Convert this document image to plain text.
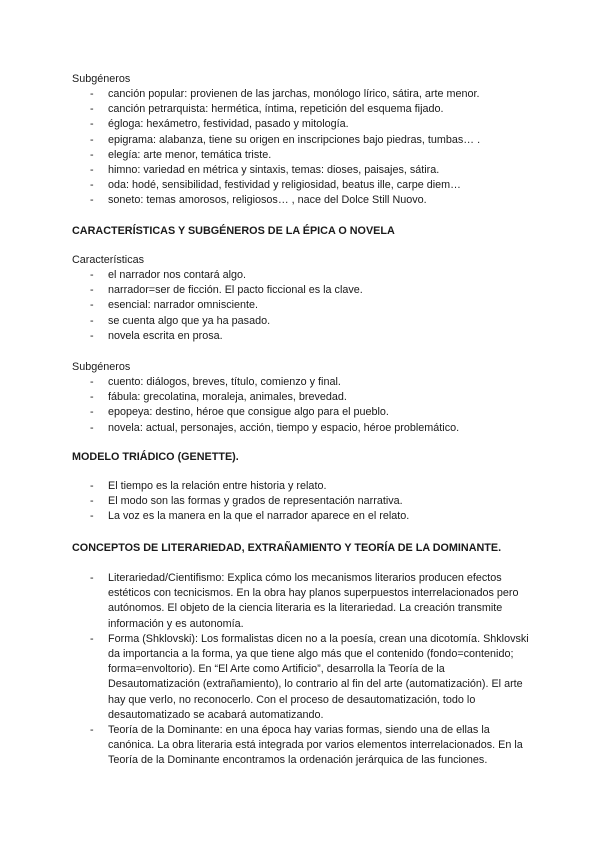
Subgéneros
- canción popular: provienen de las jarchas, monólogo lírico, sátira, arte menor.
- canción petrarquista: hermética, íntima, repetición del esquema fijado.
- égloga: hexámetro, festividad, pasado y mitología.
- epigrama: alabanza, tiene su origen en inscripciones bajo piedras, tumbas… .
- elegía: arte menor, temática triste.
- himno: variedad en métrica y sintaxis, temas: dioses, paisajes, sátira.
- oda: hodé, sensibilidad, festividad y religiosidad, beatus ille, carpe diem…
- soneto: temas amorosos, religiosos… , nace del Dolce Still Nuovo.
CARACTERÍSTICAS Y SUBGÉNEROS DE LA ÉPICA O NOVELA
Características
- el narrador nos contará algo.
- narrador=ser de ficción. El pacto ficcional es la clave.
- esencial: narrador omnisciente.
- se cuenta algo que ya ha pasado.
- novela escrita en prosa.
Subgéneros
- cuento: diálogos, breves, título, comienzo y final.
- fábula: grecolatina, moraleja, animales, brevedad.
- epopeya: destino, héroe que consigue algo para el pueblo.
- novela: actual, personajes, acción, tiempo y espacio, héroe problemático.
MODELO TRIÁDICO (GENETTE).
- El tiempo es la relación entre historia y relato.
- El modo son las formas y grados de representación narrativa.
- La voz es la manera en la que el narrador aparece en el relato.
CONCEPTOS DE LITERARIEDAD, EXTRAÑAMIENTO Y TEORÍA DE LA DOMINANTE.
- Literariedad/Cientifismo: Explica cómo los mecanismos literarios producen efectos estéticos con tecnicismos. En la obra hay planos superpuestos interrelacionados pero autónomos. El objeto de la ciencia literaria es la literariedad. La creación transmite información y es autonomía.
- Forma (Shklovski): Los formalistas dicen no a la poesía, crean una dicotomía. Shklovski da importancia a la forma, ya que tiene algo más que el contenido (fondo=contenido; forma=envoltorio). En “El Arte como Artificio”, desarrolla la Teoría de la Desautomatización (extrañamiento), lo contrario al fin del arte (automatización). El arte hay que verlo, no reconocerlo. Con el proceso de desautomatización, todo lo desautomatizado se acabará automatizando.
- Teoría de la Dominante: en una época hay varias formas, siendo una de ellas la canónica. La obra literaria está integrada por varios elementos interrelacionados. En la Teoría de la Dominante encontramos la ordenación jerárquica de las funciones.
